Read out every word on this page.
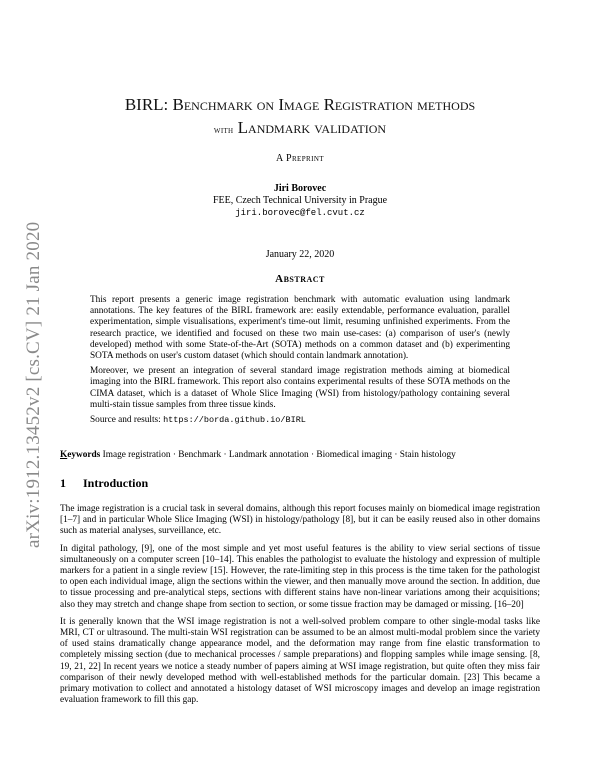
arXiv:1912.13452v2 [cs.CV] 21 Jan 2020
BIRL: Benchmark on Image Registration methods
with Landmark validation
A Preprint
Jiri Borovec
FEE, Czech Technical University in Prague
jiri.borovec@fel.cvut.cz
January 22, 2020
Abstract

This report presents a generic image registration benchmark with automatic evaluation using landmark annotations. The key features of the BIRL framework are: easily extendable, performance evaluation, parallel experimentation, simple visualisations, experiment's time-out limit, resuming unfinished experiments. From the research practice, we identified and focused on these two main use-cases: (a) comparison of user's (newly developed) method with some State-of-the-Art (SOTA) methods on a common dataset and (b) experimenting SOTA methods on user's custom dataset (which should contain landmark annotation).

Moreover, we present an integration of several standard image registration methods aiming at biomedical imaging into the BIRL framework. This report also contains experimental results of these SOTA methods on the CIMA dataset, which is a dataset of Whole Slice Imaging (WSI) from histology/pathology containing several multi-stain tissue samples from three tissue kinds.

Source and results: https://borda.github.io/BIRL

Keywords Image registration · Benchmark · Landmark annotation · Biomedical imaging · Stain histology
1 Introduction

The image registration is a crucial task in several domains, although this report focuses mainly on biomedical image registration [1–7] and in particular Whole Slice Imaging (WSI) in histology/pathology [8], but it can be easily reused also in other domains such as material analyses, surveillance, etc.

In digital pathology, [9], one of the most simple and yet most useful features is the ability to view serial sections of tissue simultaneously on a computer screen [10–14]. This enables the pathologist to evaluate the histology and expression of multiple markers for a patient in a single review [15]. However, the rate-limiting step in this process is the time taken for the pathologist to open each individual image, align the sections within the viewer, and then manually move around the section. In addition, due to tissue processing and pre-analytical steps, sections with different stains have non-linear variations among their acquisitions; also they may stretch and change shape from section to section, or some tissue fraction may be damaged or missing. [16–20]

It is generally known that the WSI image registration is not a well-solved problem compare to other single-modal tasks like MRI, CT or ultrasound. The multi-stain WSI registration can be assumed to be an almost multi-modal problem since the variety of used stains dramatically change appearance model, and the deformation may range from fine elastic transformation to completely missing section (due to mechanical processes / sample preparations) and flopping samples while image sensing. [8, 19, 21, 22] In recent years we notice a steady number of papers aiming at WSI image registration, but quite often they miss fair comparison of their newly developed method with well-established methods for the particular domain. [23] This became a primary motivation to collect and annotated a histology dataset of WSI microscopy images and develop an image registration evaluation framework to fill this gap.
